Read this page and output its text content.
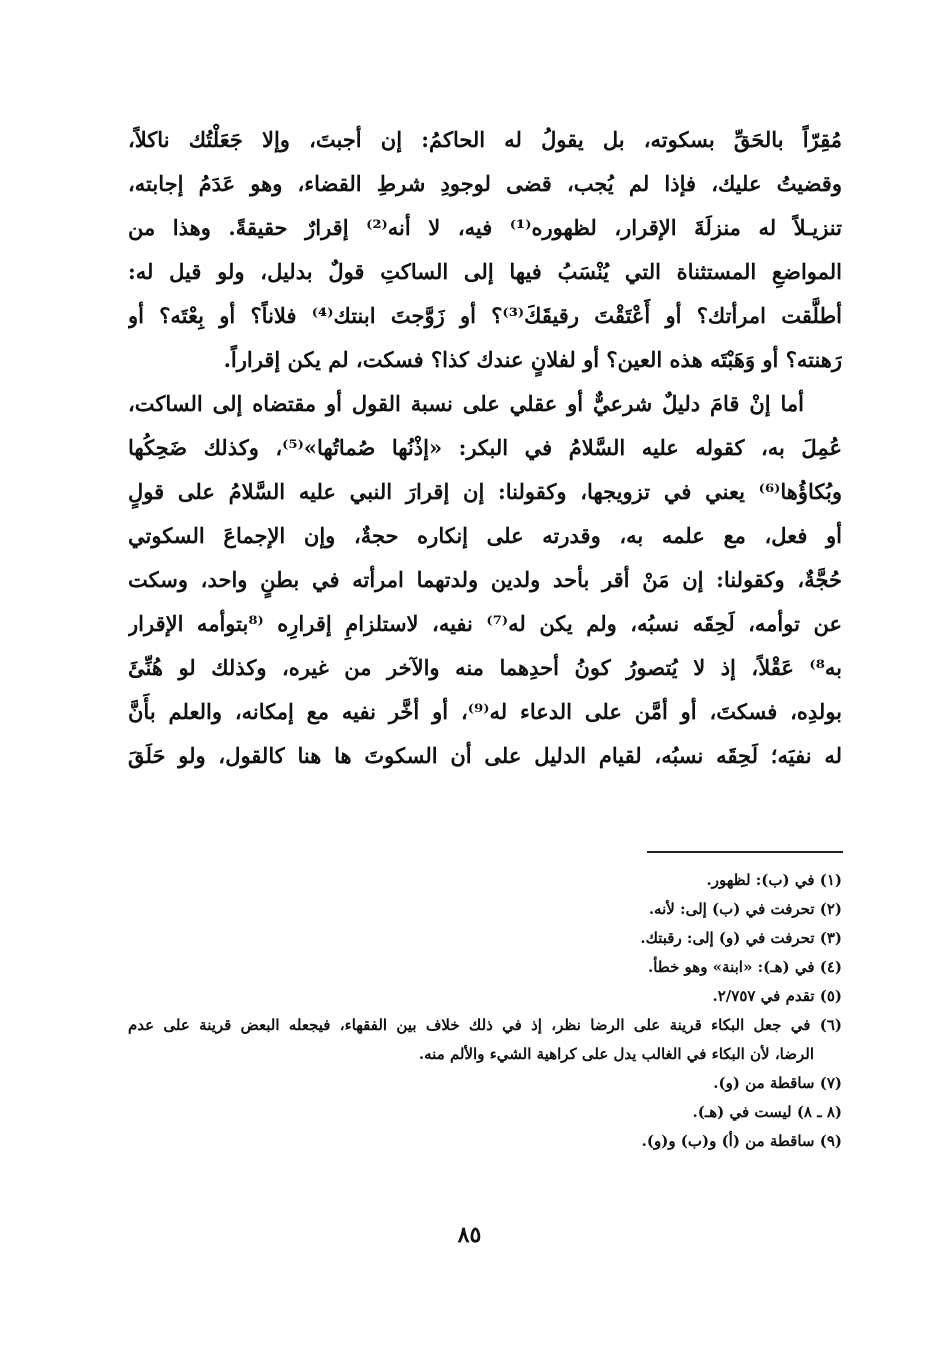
مُقِرّاً بالحَقِّ بسكوته، بل يقولُ له الحاكمُ: إن أجبتَ، وإلا جَعَلْتُك ناكلاً،
وقضيتُ عليك، فإذا لم يُجب، قضى لوجودِ شرطِ القضاء، وهو عَدَمُ إجابته،
تنزيـلاً له منزلَةَ الإقرار، لظهوره⁽¹⁾ فيه، لا أنه⁽²⁾ إقرارٌ حقيقةً. وهذا من
المواضعِ المستثناة التي يُنْسَبُ فيها إلى الساكتِ قولٌ بدليل، ولو قيل له:
أطلَّقت امرأتك؟ أو أَعْتَقْتَ رقيقَكَ⁽³⁾؟ أو زَوَّجتَ ابنتك⁽⁴⁾ فلاناً؟ أو بِعْتَه؟ أو
رَهنته؟ أو وَهَبْتَه هذه العين؟ أو لفلانٍ عندك كذا؟ فسكت، لم يكن إقراراً.
أما إنْ قامَ دليلٌ شرعيٌّ أو عقلي على نسبة القول أو مقتضاه إلى الساكت،
عُمِلَ به، كقوله عليه السَّلامُ في البكر: «إذْنُها صُماتُها»⁽⁵⁾، وكذلك ضَحِكُها
وبُكاؤُها⁽⁶⁾ يعني في تزويجها، وكقولنا: إن إقرارَ النبي عليه السَّلامُ على قولٍ
أو فعل، مع علمه به، وقدرته على إنكاره حجةٌ، وإن الإجماعَ السكوتي
حُجَّةٌ، وكقولنا: إن مَنْ أقر بأحد ولدين ولدتهما امرأته في بطنٍ واحد، وسكت
عن توأمه، لَحِقَه نسبُه، ولم يكن له⁽⁷⁾ نفيه، لاستلزامِ إقرارِه ⁽⁸بتوأمه الإقرار
به⁸⁾ عَقْلاً، إذ لا يُتصورُ كونُ أحدِهما منه والآخر من غيره، وكذلك لو هُنِّئَ
بولدِه، فسكتَ، أو أمَّن على الدعاء له⁽⁹⁾، أو أخَّر نفيه مع إمكانه، والعلم بأَنَّ
له نفيَه؛ لَحِقَه نسبُه، لقيام الدليل على أن السكوتَ ها هنا كالقول، ولو حَلَقَ
(١) في (ب): لظهور.
(٢) تحرفت في (ب) إلى: لأنه.
(٣) تحرفت في (و) إلى: رقبتك.
(٤) في (هـ): «ابنة» وهو خطأ.
(٥) تقدم في ٢/٧٥٧.
(٦) في جعل البكاء قرينة على الرضا نظر، إذ في ذلك خلاف بين الفقهاء، فيجعله البعض قرينة على عدم
الرضا، لأن البكاء في الغالب يدل على كراهية الشيء والألم منه.
(٧) ساقطة من (و).
(٨ ـ ٨) ليست في (هـ).
(٩) ساقطة من (أ) و(ب) و(و).
٨٥
